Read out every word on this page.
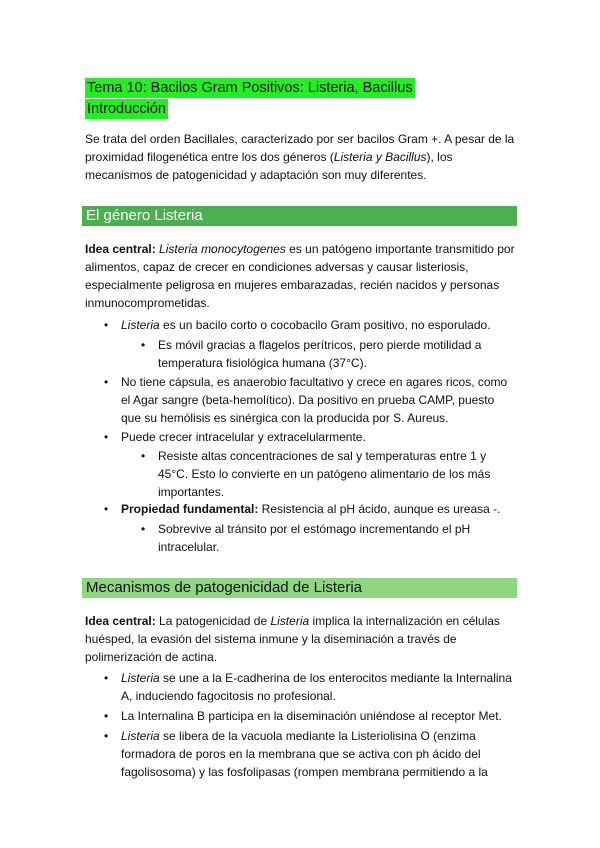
Tema 10: Bacilos Gram Positivos: Listeria, Bacillus
Introducción

Se trata del orden Bacillales, caracterizado por ser bacilos Gram +. A pesar de la proximidad filogenética entre los dos géneros (Listeria y Bacillus), los mecanismos de patogenicidad y adaptación son muy diferentes.

El género Listeria

Idea central: Listeria monocytogenes es un patógeno importante transmitido por alimentos, capaz de crecer en condiciones adversas y causar listeriosis, especialmente peligrosa en mujeres embarazadas, recién nacidos y personas inmunocomprometidas.

• Listeria es un bacilo corto o cocobacilo Gram positivo, no esporulado.
• Es móvil gracias a flagelos perítricos, pero pierde motilidad a temperatura fisiológica humana (37°C).
• No tiene cápsula, es anaerobio facultativo y crece en agares ricos, como el Agar sangre (beta-hemolítico). Da positivo en prueba CAMP, puesto que su hemólisis es sinérgica con la producida por S. Aureus.
• Puede crecer intracelular y extracelularmente.
• Resiste altas concentraciones de sal y temperaturas entre 1 y 45°C. Esto lo convierte en un patógeno alimentario de los más importantes.
• Propiedad fundamental: Resistencia al pH ácido, aunque es ureasa -.
• Sobrevive al tránsito por el estómago incrementando el pH intracelular.
Mecanismos de patogenicidad de Listeria

Idea central: La patogenicidad de Listeria implica la internalización en células huésped, la evasión del sistema inmune y la diseminación a través de polimerización de actina.

• Listeria se une a la E-cadherina de los enterocitos mediante la Internalina A, induciendo fagocitosis no profesional.
• La Internalina B participa en la diseminación uniéndose al receptor Met.
• Listeria se libera de la vacuola mediante la Listeriolisina O (enzima formadora de poros en la membrana que se activa con ph ácido del fagolisosoma) y las fosfolipasas (rompen membrana permitiendo a la
